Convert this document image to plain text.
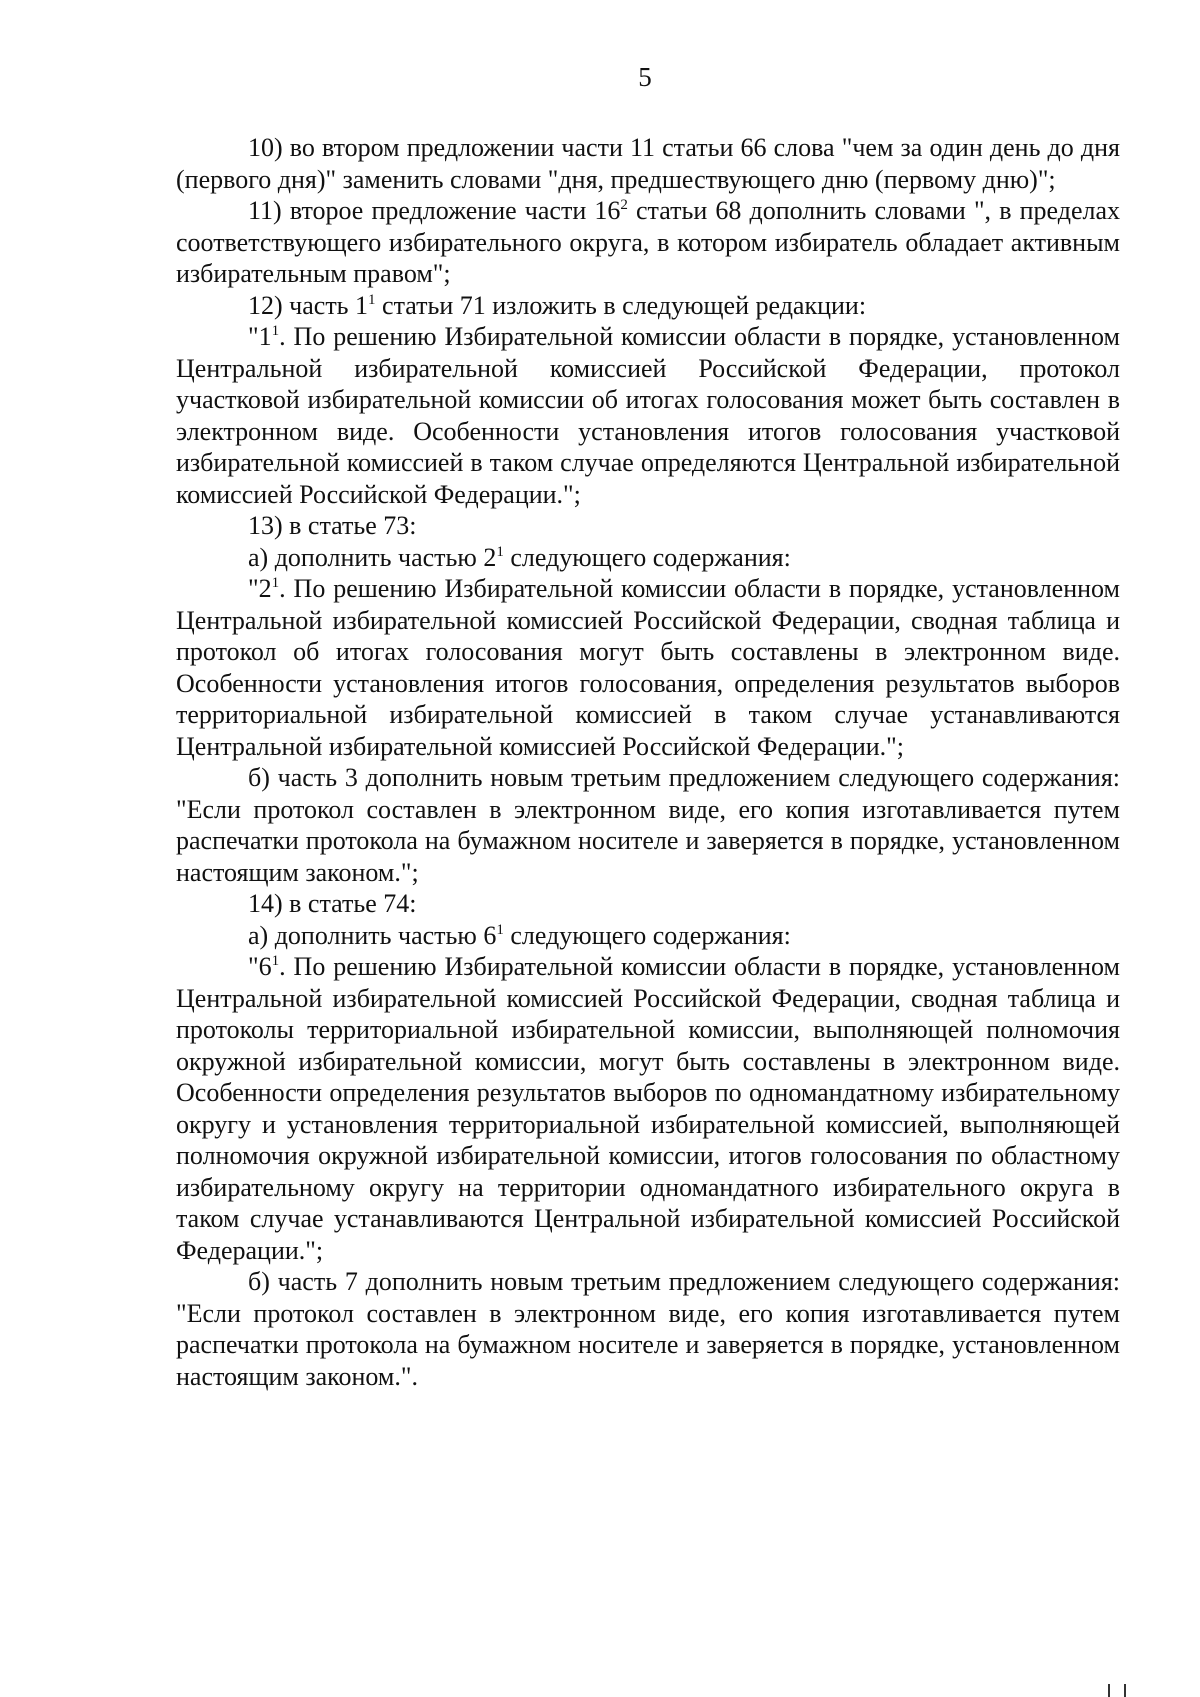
5

10) во втором предложении части 11 статьи 66 слова "чем за один день до дня (первого дня)" заменить словами "дня, предшествующего дню (первому дню)";

11) второе предложение части $16^2$ статьи 68 дополнить словами ", в пределах соответствующего избирательного округа, в котором избиратель обладает активным избирательным правом";

12) часть $1^1$ статьи 71 изложить в следующей редакции:

"$1^1$. По решению Избирательной комиссии области в порядке, установленном Центральной избирательной комиссией Российской Федерации, протокол участковой избирательной комиссии об итогах голосования может быть составлен в электронном виде. Особенности установления итогов голосования участковой избирательной комиссией в таком случае определяются Центральной избирательной комиссией Российской Федерации.";

13) в статье 73:

а) дополнить частью $2^1$ следующего содержания:

"$2^1$. По решению Избирательной комиссии области в порядке, установленном Центральной избирательной комиссией Российской Федерации, сводная таблица и протокол об итогах голосования могут быть составлены в электронном виде. Особенности установления итогов голосования, определения результатов выборов территориальной избирательной комиссией в таком случае устанавливаются Центральной избирательной комиссией Российской Федерации.";

б) часть 3 дополнить новым третьим предложением следующего содержания: "Если протокол составлен в электронном виде, его копия изготавливается путем распечатки протокола на бумажном носителе и заверяется в порядке, установленном настоящим законом.";

14) в статье 74:

а) дополнить частью $6^1$ следующего содержания:

"$6^1$. По решению Избирательной комиссии области в порядке, установленном Центральной избирательной комиссией Российской Федерации, сводная таблица и протоколы территориальной избирательной комиссии, выполняющей полномочия окружной избирательной комиссии, могут быть составлены в электронном виде. Особенности определения результатов выборов по одномандатному избирательному округу и установления территориальной избирательной комиссией, выполняющей полномочия окружной избирательной комиссии, итогов голосования по областному избирательному округу на территории одномандатного избирательного округа в таком случае устанавливаются Центральной избирательной комиссией Российской Федерации.";

б) часть 7 дополнить новым третьим предложением следующего содержания: "Если протокол составлен в электронном виде, его копия изготавливается путем распечатки протокола на бумажном носителе и заверяется в порядке, установленном настоящим законом.".
